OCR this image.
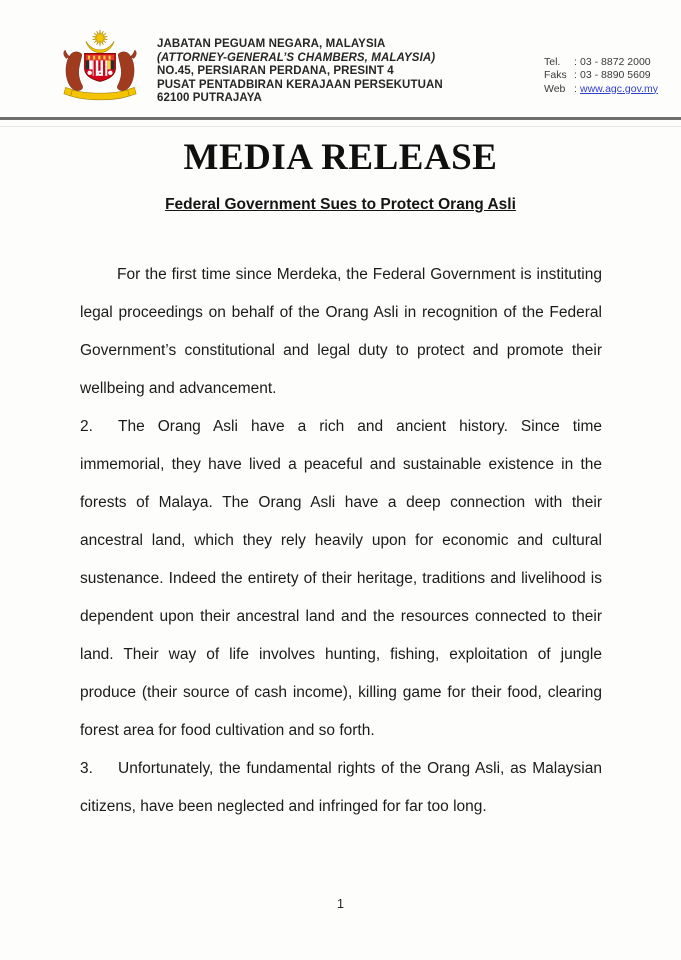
JABATAN PEGUAM NEGARA, MALAYSIA
(ATTORNEY-GENERAL’S CHAMBERS, MALAYSIA)
NO.45, PERSIARAN PERDANA, PRESINT 4
PUSAT PENTADBIRAN KERAJAAN PERSEKUTUAN
62100 PUTRAJAYA
Tel.	: 03 - 8872 2000
Faks : 03 - 8890 5609
Web : www.agc.gov.my
MEDIA RELEASE
Federal Government Sues to Protect Orang Asli

For the first time since Merdeka, the Federal Government is instituting legal proceedings on behalf of the Orang Asli in recognition of the Federal Government’s constitutional and legal duty to protect and promote their wellbeing and advancement.

2. The Orang Asli have a rich and ancient history. Since time immemorial, they have lived a peaceful and sustainable existence in the forests of Malaya. The Orang Asli have a deep connection with their ancestral land, which they rely heavily upon for economic and cultural sustenance. Indeed the entirety of their heritage, traditions and livelihood is dependent upon their ancestral land and the resources connected to their land. Their way of life involves hunting, fishing, exploitation of jungle produce (their source of cash income), killing game for their food, clearing forest area for food cultivation and so forth.

3. Unfortunately, the fundamental rights of the Orang Asli, as Malaysian citizens, have been neglected and infringed for far too long.

1
